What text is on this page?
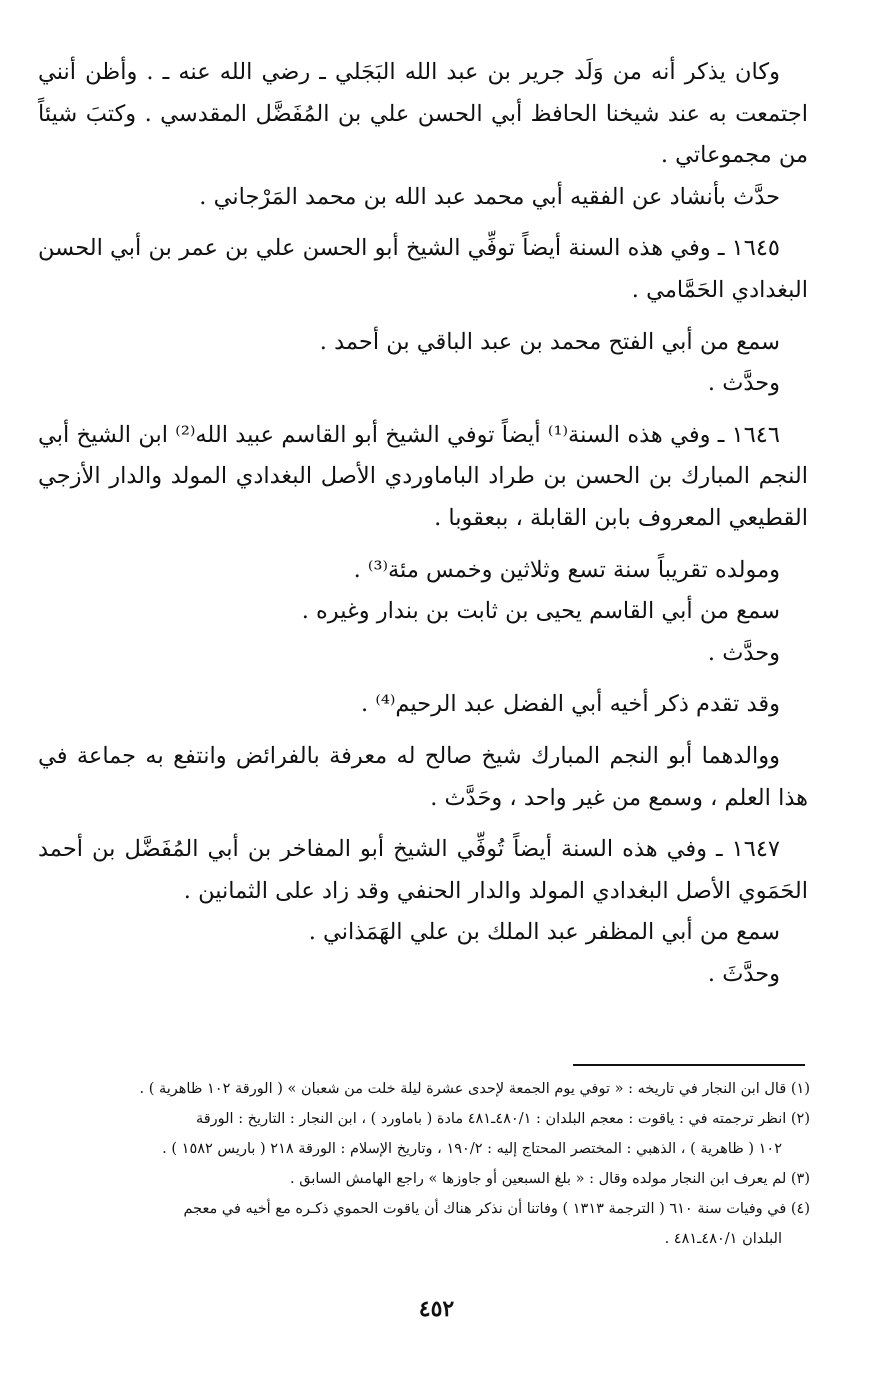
وكان يذكر أنه من وَلَد جرير بن عبد الله البَجَلي ـ رضي الله عنه ـ . وأظن أنني اجتمعت به عند شيخنا الحافظ أبي الحسن علي بن المُفَضَّل المقدسي . وكتبَ شيئاً من مجموعاتي .

حدَّث بأنشاد عن الفقيه أبي محمد عبد الله بن محمد المَرْجاني .

١٦٤٥ ـ وفي هذه السنة أيضاً توفِّي الشيخ أبو الحسن علي بن عمر بن أبي الحسن البغدادي الحَمَّامي .

سمع من أبي الفتح محمد بن عبد الباقي بن أحمد .

وحدَّث .

١٦٤٦ ـ وفي هذه السنة⁽¹⁾ أيضاً توفي الشيخ أبو القاسم عبيد الله⁽²⁾ ابن الشيخ أبي النجم المبارك بن الحسن بن طراد الباماوردي الأصل البغدادي المولد والدار الأزجي القطيعي المعروف بابن القابلة ، ببعقوبا .

ومولده تقريباً سنة تسع وثلاثين وخمس مئة⁽³⁾ .

سمع من أبي القاسم يحيى بن ثابت بن بندار وغيره .

وحدَّث .

وقد تقدم ذكر أخيه أبي الفضل عبد الرحيم⁽⁴⁾ .

ووالدهما أبو النجم المبارك شيخ صالح له معرفة بالفرائض وانتفع به جماعة في هذا العلم ، وسمع من غير واحد ، وحَدَّث .

١٦٤٧ ـ وفي هذه السنة أيضاً تُوفِّي الشيخ أبو المفاخر بن أبي المُفَضَّل بن أحمد الحَمَوي الأصل البغدادي المولد والدار الحنفي وقد زاد على الثمانين .

سمع من أبي المظفر عبد الملك بن علي الهَمَذاني .

وحدَّثَ .

(١) قال ابن النجار في تاريخه : « توفي يوم الجمعة لإحدى عشرة ليلة خلت من شعبان » ( الورقة ١٠٢ ظاهرية ) .

(٢) انظر ترجمته في : ياقوت : معجم البلدان : ٤٨٠/١ـ٤٨١ مادة ( باماورد ) ، ابن النجار : التاريخ : الورقة

١٠٢ ( ظاهرية ) ، الذهبي : المختصر المحتاج إليه : ١٩٠/٢ ، وتاريخ الإسلام : الورقة ٢١٨ ( باريس ١٥٨٢ ) .

(٣) لم يعرف ابن النجار مولده وقال : « بلغ السبعين أو جاوزها » راجع الهامش السابق .

(٤) في وفيات سنة ٦١٠ ( الترجمة ١٣١٣ ) وفاتنا أن نذكر هناك أن ياقوت الحموي ذكـره مع أخيه في معجم

البلدان ٤٨٠/١ـ٤٨١ .

٤٥٢
